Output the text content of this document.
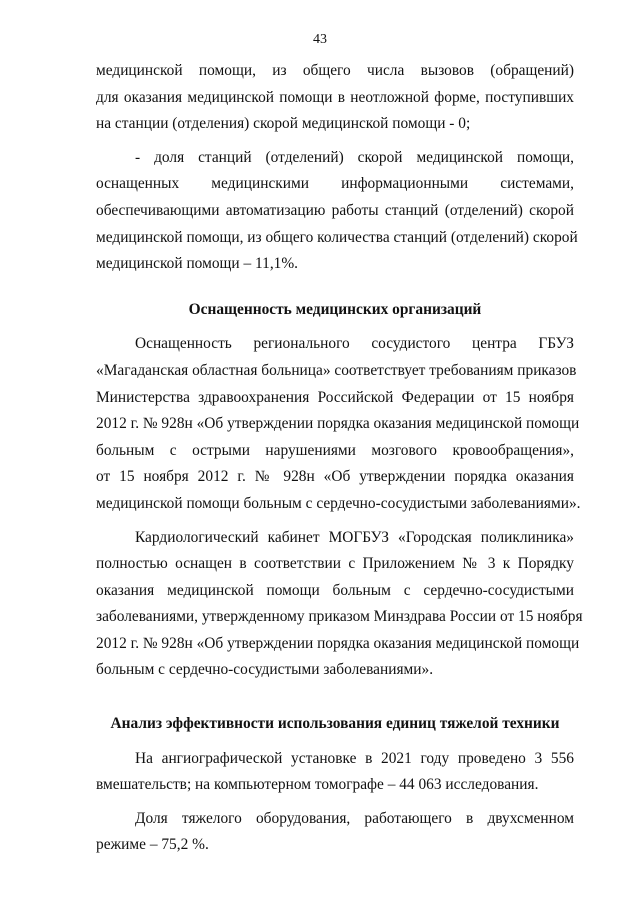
43

медицинской помощи, из общего числа вызовов (обращений)
для оказания медицинской помощи в неотложной форме, поступивших
на станции (отделения) скорой медицинской помощи - 0;

- доля станций (отделений) скорой медицинской помощи,
оснащенных медицинскими информационными системами,
обеспечивающими автоматизацию работы станций (отделений) скорой
медицинской помощи, из общего количества станций (отделений) скорой
медицинской помощи – 11,1%.

Оснащенность медицинских организаций

Оснащенность регионального сосудистого центра ГБУЗ
«Магаданская областная больница» соответствует требованиям приказов
Министерства здравоохранения Российской Федерации от 15 ноября
2012 г. № 928н «Об утверждении порядка оказания медицинской помощи
больным с острыми нарушениями мозгового кровообращения»,
от 15 ноября 2012 г. № 928н «Об утверждении порядка оказания
медицинской помощи больным с сердечно-сосудистыми заболеваниями».

Кардиологический кабинет МОГБУЗ «Городская поликлиника»
полностью оснащен в соответствии с Приложением № 3 к Порядку
оказания медицинской помощи больным с сердечно-сосудистыми
заболеваниями, утвержденному приказом Минздрава России от 15 ноября
2012 г. № 928н «Об утверждении порядка оказания медицинской помощи
больным с сердечно-сосудистыми заболеваниями».

Анализ эффективности использования единиц тяжелой техники

На ангиографической установке в 2021 году проведено 3 556
вмешательств; на компьютерном томографе – 44 063 исследования.

Доля тяжелого оборудования, работающего в двухсменном
режиме – 75,2 %.
